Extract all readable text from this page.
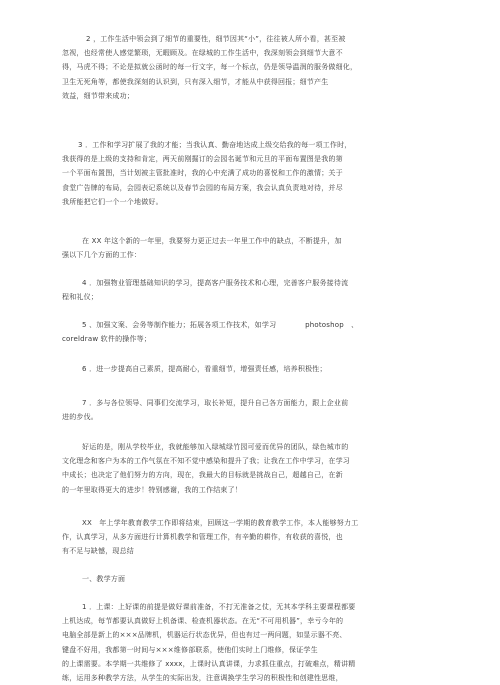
2 ，工作生活中领会到了细节的重要性，细节因其“小”，往往被人所小看，甚至被
忽视，也经常使人感觉繁琐，无暇顾及。在绿城的工作生活中，我深刻领会到细节大意不
得，马虎不得；不论是拟就公函时的每一行文字，每一个标点，仍是领导温润的服务做细化，
卫生无死角等，都使我深刻的认识到，只有深入细节，才能从中获得回报；细节产生
效益，细节带来成功；
3 ．工作和学习扩展了我的才能；当我认真、勤奋地达成上级交给我的每一项工作时，
我获得的是上级的支持和肯定，两天前刚掘订的会园名诞节和元旦的平面布置图是我的第
一个平面布置图，当计划被主管批准时，我的心中充满了成功的喜悦和工作的激情；关于
食堂广告牌的布局，会园表记系统以及春节会园的布局方案，我会认真负责地对待，并尽
我所能把它们一个一个地做好。
在 XX 年这个新的一年里，我要努力更正过去一年里工作中的缺点，不断提升，加
强以下几个方面的工作：
4 ．加强物业管理基础知识的学习，提高客户服务技术和心理，完善客户服务接待流
程和礼仪；
5 、加强文案、会务等制作能力；拓展各项工作技术，如学习　　　　photoshop　、
coreldraw 软件的操作等；
6 ．进一步提高自己素质，提高耐心，看重细节，增强责任感，培养积极性；
7 ．多与各位领导、同事们交流学习，取长补短，提升自己各方面能力，跟上企业前
进的步伐。
好运的是，刚从学校毕业，我就能够加入绿城绿竹园可爱而优异的团队，绿色城市的
文化理念和客户为本的工作气氛在不知不觉中感染和提升了我；让我在工作中学习，在学习
中成长；也决定了他们努力的方向，现在，我最大的目标就是挑战自己，超越自己，在新
的一年里取得更大的进步！特别感谢，我的工作结束了！
XX　年上学年教育教学工作即将结束，回顾这一学期的教育教学工作，本人能够努力工
作，认真学习，从多方面进行计算机教学和管理工作，有辛勤的耕作，有收获的喜悦，也
有不足与缺憾，现总结
一、教学方面
1 ．上课：上好课的前提是做好课前准备，不打无准备之仗，无其本学科主要课程都要
上机达成，每节都要认真做好上机备课、检查机器状态。在无“不可用机器”，幸亏今年的
电脑全部是新上的×××品牌机，机器运行状态优异，但也有过一两问题，如显示器不亮、
键盘不好用，我都第一时间与×××维修部联系，使他们实时上门维修，保证学生
的上课需要。本学期一共维修了 xxxx，上课时认真讲课，力求抓住重点，打破难点，精讲精
练，运用多种教学方法，从学生的实际出发，注意调换学生学习的积极性和创建性思维，
